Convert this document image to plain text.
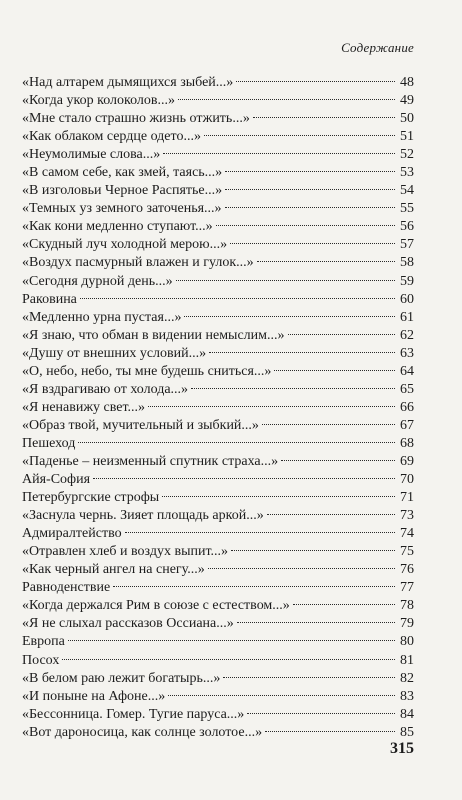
Содержание
«Над алтарем дымящихся зыбей...»	48
«Когда укор колоколов...»	49
«Мне стало страшно жизнь отжить...»	50
«Как облаком сердце одето...»	51
«Неумолимые слова...»	52
«В самом себе, как змей, таясь...»	53
«В изголовьи Черное Распятье...»	54
«Темных уз земного заточенья...»	55
«Как кони медленно ступают...»	56
«Скудный луч холодной мерою...»	57
«Воздух пасмурный влажен и гулок...»	58
«Сегодня дурной день...»	59
Раковина	60
«Медленно урна пустая...»	61
«Я знаю, что обман в видении немыслим...»	62
«Душу от внешних условий...»	63
«О, небо, небо, ты мне будешь сниться...»	64
«Я вздрагиваю от холода...»	65
«Я ненавижу свет...»	66
«Образ твой, мучительный и зыбкий...»	67
Пешеход	68
«Паденье – неизменный спутник страха...»	69
Айя-София	70
Петербургские строфы	71
«Заснула чернь. Зияет площадь аркой...»	73
Адмиралтейство	74
«Отравлен хлеб и воздух выпит...»	75
«Как черный ангел на снегу...»	76
Равноденствие	77
«Когда держался Рим в союзе с естеством...»	78
«Я не слыхал рассказов Оссиана...»	79
Европа	80
Посох	81
«В белом раю лежит богатырь...»	82
«И поныне на Афоне...»	83
«Бессонница. Гомер. Тугие паруса...»	84
«Вот дароносица, как солнце золотое...»	85
315
